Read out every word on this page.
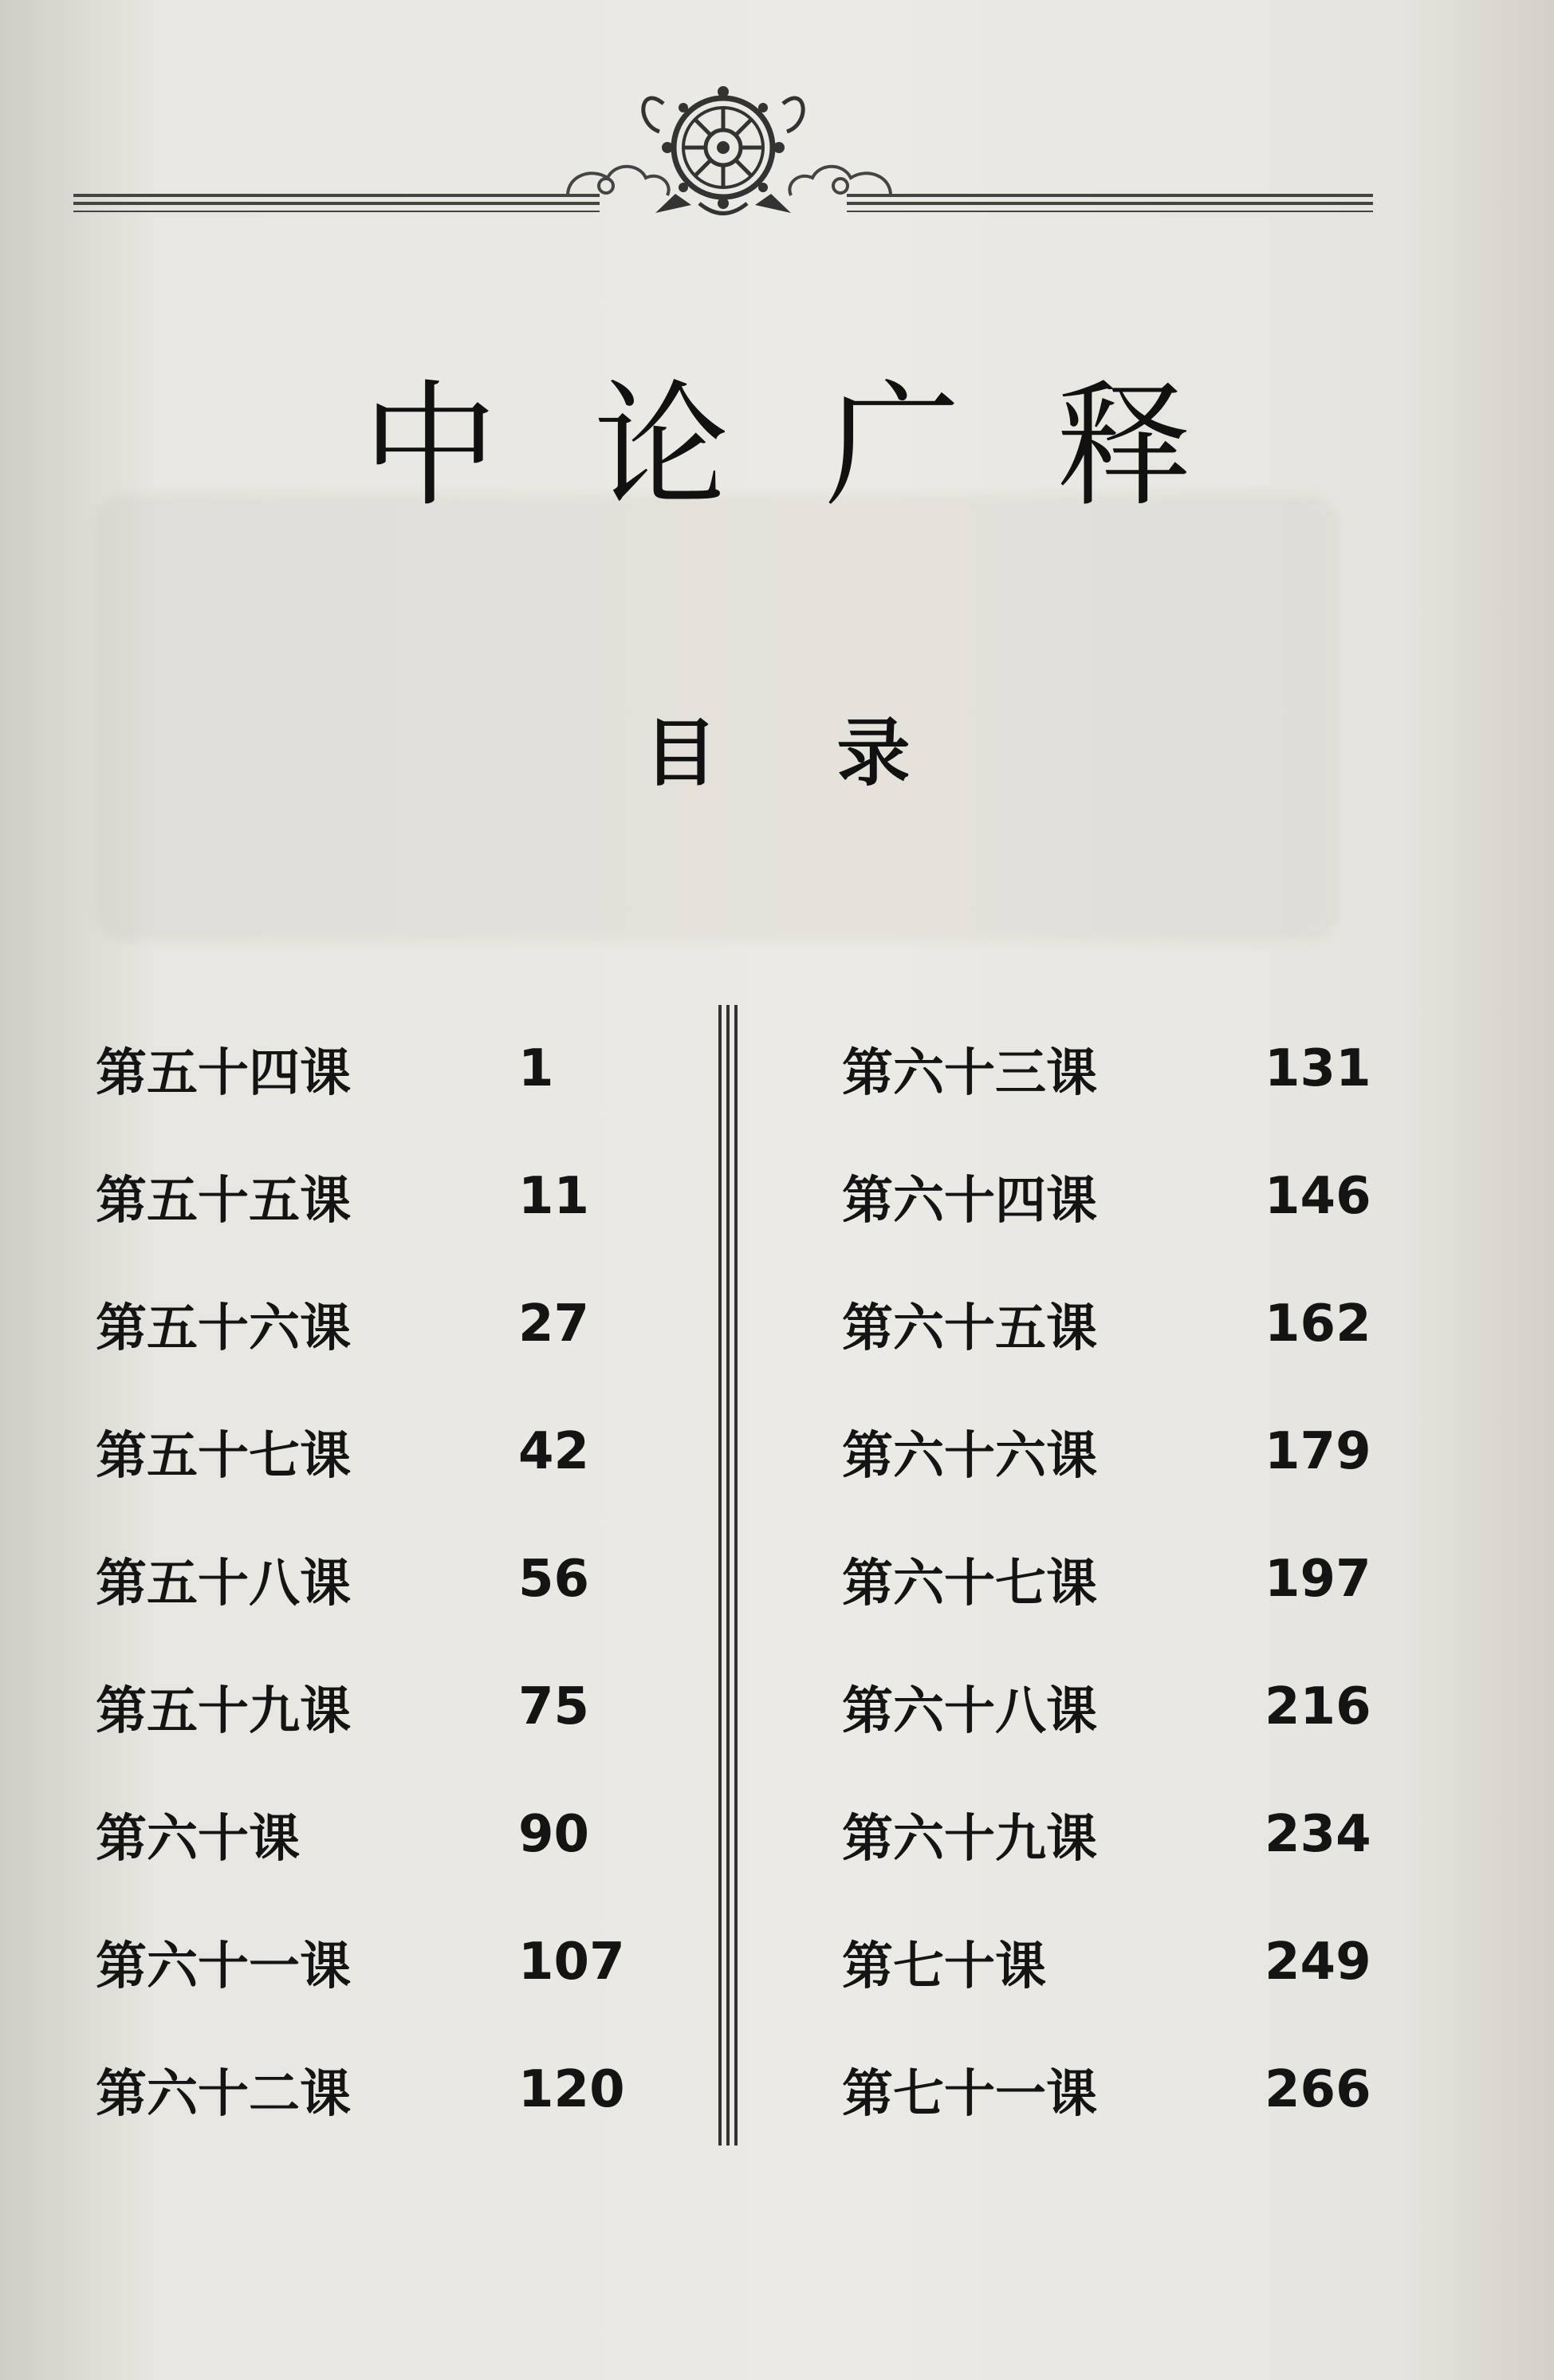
中论广释
目录
第五十四课	1
第五十五课	11
第五十六课	27
第五十七课	42
第五十八课	56
第五十九课	75
第六十课	90
第六十一课	107
第六十二课	120
第六十三课	131
第六十四课	146
第六十五课	162
第六十六课	179
第六十七课	197
第六十八课	216
第六十九课	234
第七十课	249
第七十一课	266
